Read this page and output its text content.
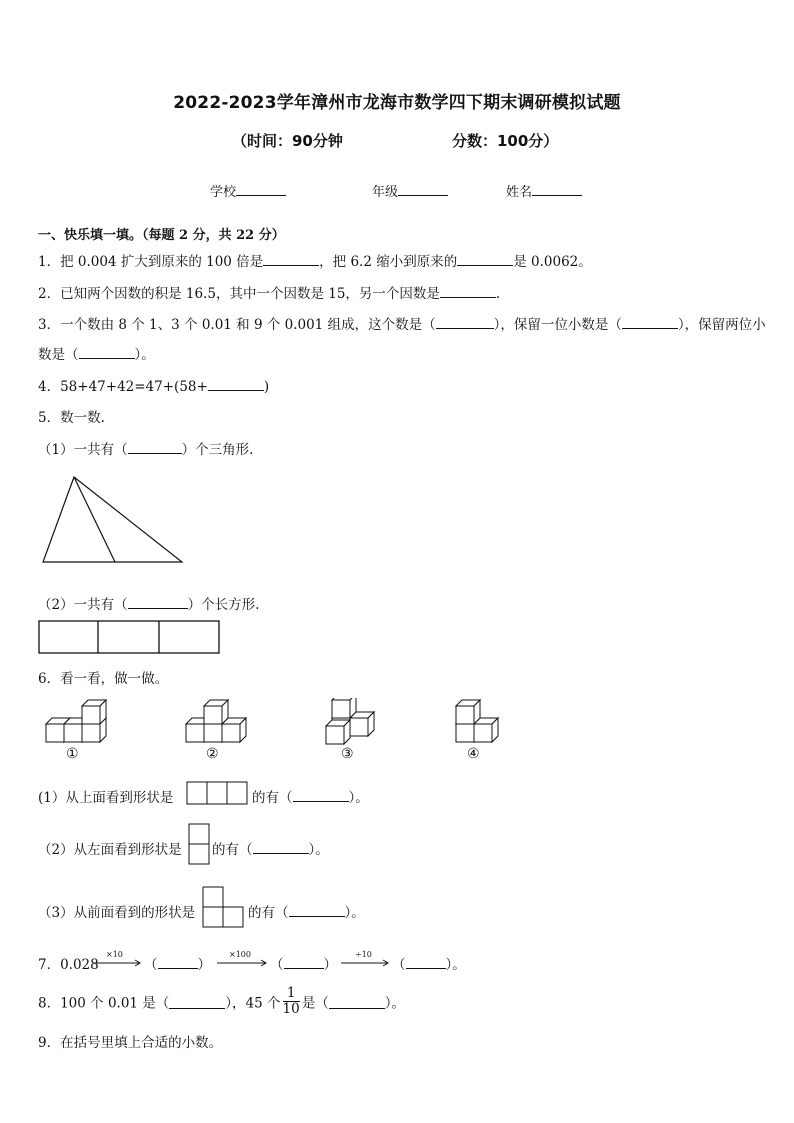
2022-2023学年漳州市龙海市数学四下期末调研模拟试题
（时间：90分钟	分数：100分）
学校	年级	姓名
一、快乐填一填。（每题 2 分，共 22 分）
1．把 0.004 扩大到原来的 100 倍是	，把 6.2 缩小到原来的	是 0.0062。
2．已知两个因数的积是 16.5，其中一个因数是 15，另一个因数是	.
3．一个数由 8 个 1、3 个 0.01 和 9 个 0.001 组成，这个数是（	），保留一位小数是（	），保留两位小
数是（	）。
4．58+47+42=47+(58+	)
5．数一数.
（1）一共有（	）个三角形.
（2）一共有（	）个长方形.
6．看一看，做一做。
①	②	③	④
(1）从上面看到形状是	的有（	）。
（2）从左面看到形状是 的有（	）。
（3）从前面看到的形状是	的有（	）。
7．0.028
×10
（	）
×100
（	）
÷10
（	）。
8．100 个 0.01 是（	），45 个 $\frac{1}{10}$ 是（	）。
9．在括号里填上合适的小数。
